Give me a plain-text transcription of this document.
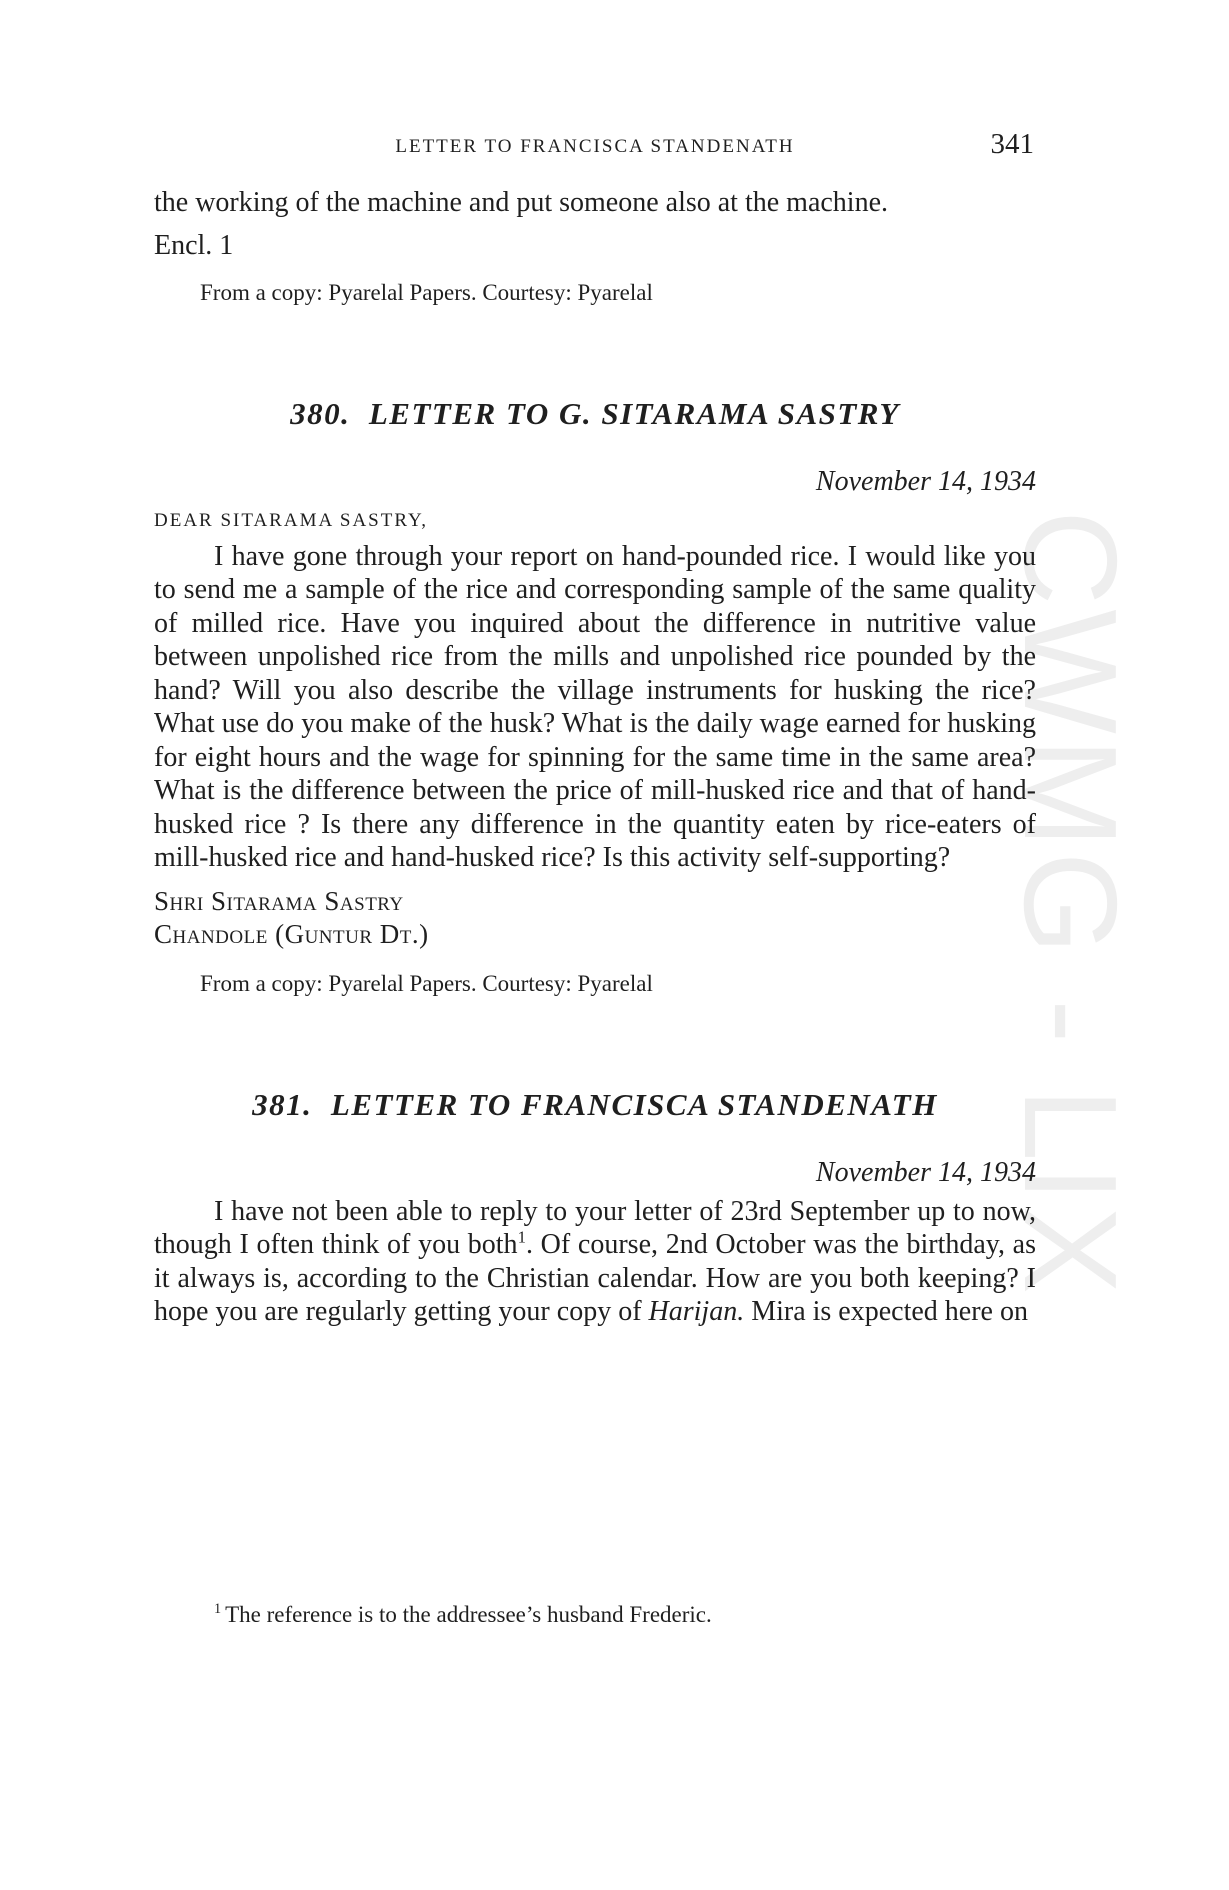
CWMG - LIX
LETTER TO FRANCISCA STANDENATH	341

the working of the machine and put someone also at the machine.

Encl. 1

From a copy: Pyarelal Papers. Courtesy: Pyarelal

380. LETTER TO G. SITARAMA SASTRY

November 14, 1934

DEAR SITARAMA SASTRY,

I have gone through your report on hand-pounded rice. I would like you to send me a sample of the rice and corresponding sample of the same quality of milled rice. Have you inquired about the difference in nutritive value between unpolished rice from the mills and unpolished rice pounded by the hand? Will you also describe the village instruments for husking the rice? What use do you make of the husk? What is the daily wage earned for husking for eight hours and the wage for spinning for the same time in the same area? What is the difference between the price of mill-husked rice and that of hand-husked rice ? Is there any difference in the quantity eaten by rice-eaters of mill-husked rice and hand-husked rice? Is this activity self-supporting?

Shri Sitarama Sastry

Chandole (Guntur Dt.)

From a copy: Pyarelal Papers. Courtesy: Pyarelal

381. LETTER TO FRANCISCA STANDENATH

November 14, 1934

I have not been able to reply to your letter of 23rd September up to now, though I often think of you both$^1$. Of course, 2nd October was the birthday, as it always is, according to the Christian calendar. How are you both keeping? I hope you are regularly getting your copy of Harijan. Mira is expected here on

$^1$ The reference is to the addressee’s husband Frederic.
